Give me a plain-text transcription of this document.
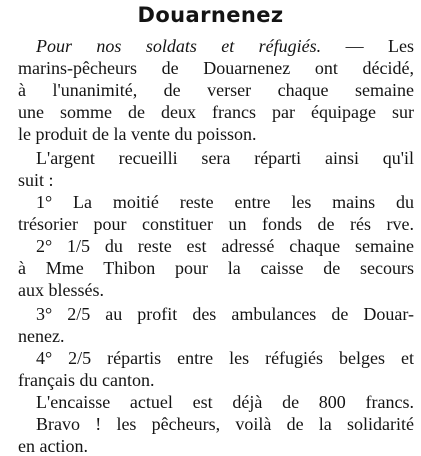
Douarnenez
Pour nos soldats et réfugiés. — Les
marins-pêcheurs de Douarnenez ont décidé,
à l'unanimité, de verser chaque semaine
une somme de deux francs par équipage sur
le produit de la vente du poisson.
L'argent recueilli sera réparti ainsi qu'il
suit :
1° La moitié reste entre les mains du
trésorier pour constituer un fonds de rés rve.
2° 1/5 du reste est adressé chaque semaine
à Mme Thibon pour la caisse de secours
aux blessés.
3° 2/5 au profit des ambulances de Douar-
nenez.
4° 2/5 répartis entre les réfugiés belges et
français du canton.
L'encaisse actuel est déjà de 800 francs.
Bravo ! les pêcheurs, voilà de la solidarité
en action.
